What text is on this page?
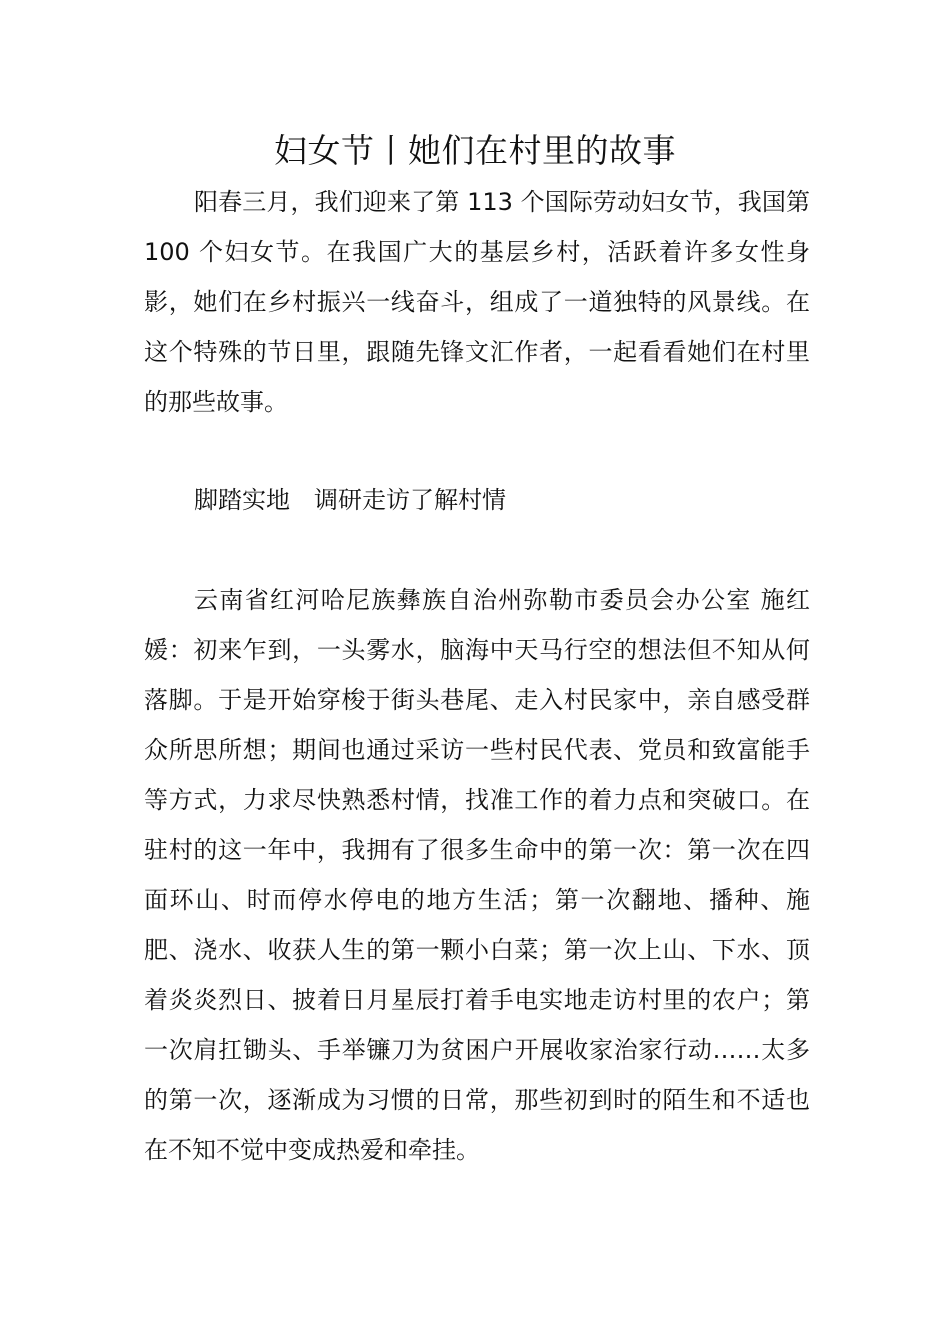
妇女节丨她们在村里的故事

阳春三月，我们迎来了第 113 个国际劳动妇女节，我国第 100 个妇女节。在我国广大的基层乡村，活跃着许多女性身影，她们在乡村振兴一线奋斗，组成了一道独特的风景线。在这个特殊的节日里，跟随先锋文汇作者，一起看看她们在村里的那些故事。

脚踏实地　调研走访了解村情

云南省红河哈尼族彝族自治州弥勒市委员会办公室 施红媛：初来乍到，一头雾水，脑海中天马行空的想法但不知从何落脚。于是开始穿梭于街头巷尾、走入村民家中，亲自感受群众所思所想；期间也通过采访一些村民代表、党员和致富能手等方式，力求尽快熟悉村情，找准工作的着力点和突破口。在驻村的这一年中，我拥有了很多生命中的第一次：第一次在四面环山、时而停水停电的地方生活；第一次翻地、播种、施肥、浇水、收获人生的第一颗小白菜；第一次上山、下水、顶着炎炎烈日、披着日月星辰打着手电实地走访村里的农户；第一次肩扛锄头、手举镰刀为贫困户开展收家治家行动……太多的第一次，逐渐成为习惯的日常，那些初到时的陌生和不适也在不知不觉中变成热爱和牵挂。
